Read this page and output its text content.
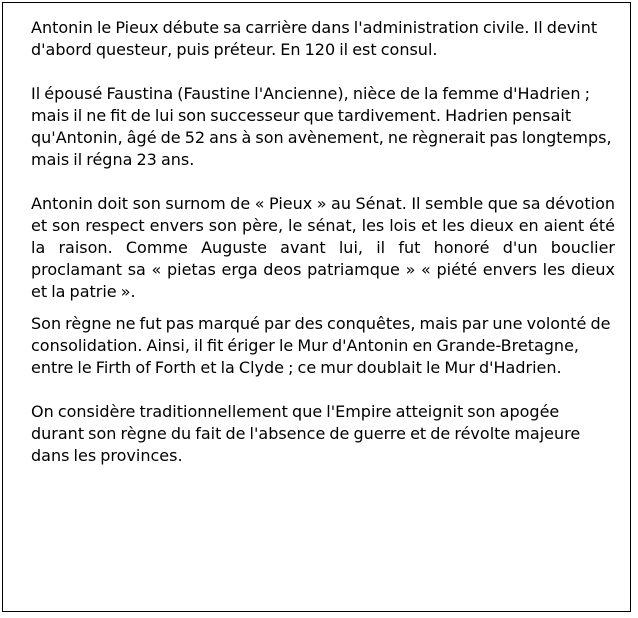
Antonin le Pieux débute sa carrière dans l'administration civile. Il devint d'abord questeur, puis préteur. En 120 il est consul.

Il épousé Faustina (Faustine l'Ancienne), nièce de la femme d'Hadrien ; mais il ne fit de lui son successeur que tardivement. Hadrien pensait qu'Antonin, âgé de 52 ans à son avènement, ne règnerait pas longtemps, mais il régna 23 ans.

Antonin doit son surnom de « Pieux » au Sénat. Il semble que sa dévotion et son respect envers son père, le sénat, les lois et les dieux en aient été la raison. Comme Auguste avant lui, il fut honoré d'un bouclier proclamant sa « pietas erga deos patriamque » « piété envers les dieux et la patrie ».

Son règne ne fut pas marqué par des conquêtes, mais par une volonté de consolidation. Ainsi, il fit ériger le Mur d'Antonin en Grande-Bretagne, entre le Firth of Forth et la Clyde ; ce mur doublait le Mur d'Hadrien.

On considère traditionnellement que l'Empire atteignit son apogée durant son règne du fait de l'absence de guerre et de révolte majeure dans les provinces.
